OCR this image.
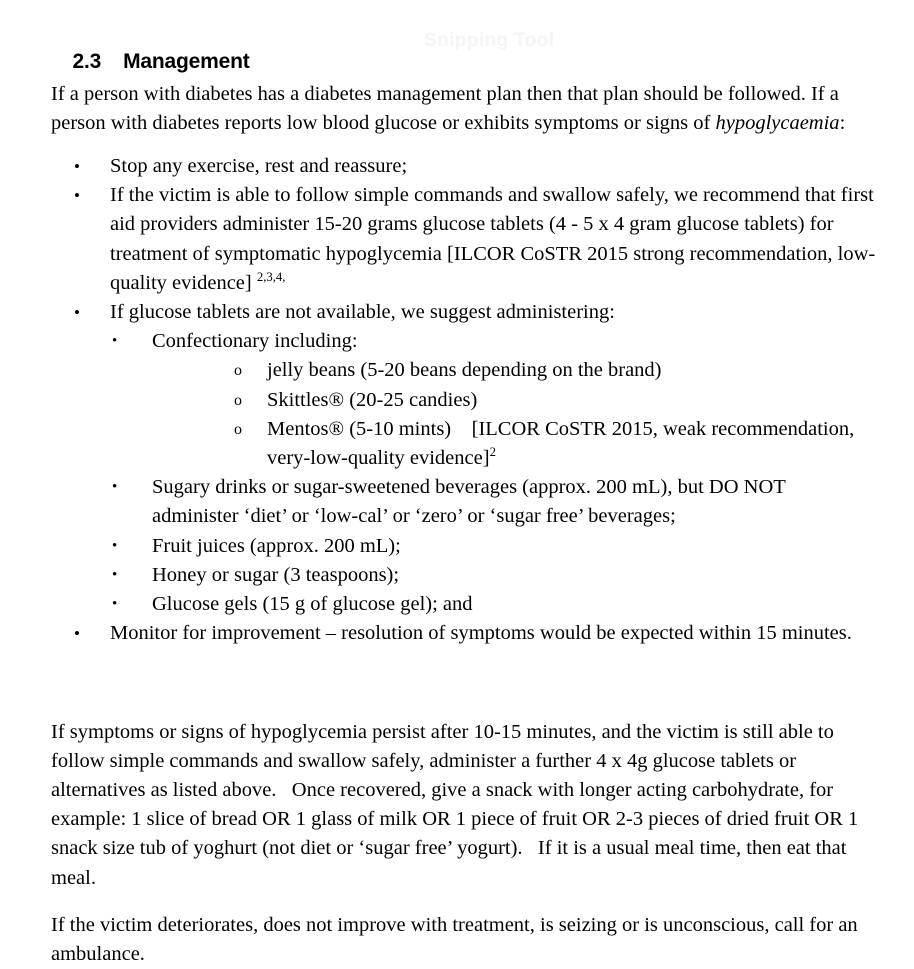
Snipping Tool

2.3 Management

If a person with diabetes has a diabetes management plan then that plan should be followed. If a person with diabetes reports low blood glucose or exhibits symptoms or signs of hypoglycaemia:

• Stop any exercise, rest and reassure;
• If the victim is able to follow simple commands and swallow safely, we recommend that first aid providers administer 15-20 grams glucose tablets (4 - 5 x 4 gram glucose tablets) for treatment of symptomatic hypoglycemia [ILCOR CoSTR 2015 strong recommendation, low-quality evidence] $^{2,3,4,}$
• If glucose tablets are not available, we suggest administering:
• Confectionary including:
o jelly beans (5-20 beans depending on the brand)
o Skittles® (20-25 candies)
o Mentos® (5-10 mints) [ILCOR CoSTR 2015, weak recommendation, very-low-quality evidence]$^2$
• Sugary drinks or sugar-sweetened beverages (approx. 200 mL), but DO NOT administer ‘diet’ or ‘low-cal’ or ‘zero’ or ‘sugar free’ beverages;
• Fruit juices (approx. 200 mL);
• Honey or sugar (3 teaspoons);
• Glucose gels (15 g of glucose gel); and
• Monitor for improvement – resolution of symptoms would be expected within 15 minutes.

If symptoms or signs of hypoglycemia persist after 10-15 minutes, and the victim is still able to follow simple commands and swallow safely, administer a further 4 x 4g glucose tablets or alternatives as listed above.  Once recovered, give a snack with longer acting carbohydrate, for example: 1 slice of bread OR 1 glass of milk OR 1 piece of fruit OR 2-3 pieces of dried fruit OR 1 snack size tub of yoghurt (not diet or ‘sugar free’ yogurt).  If it is a usual meal time, then eat that meal.

If the victim deteriorates, does not improve with treatment, is seizing or is unconscious, call for an ambulance.
